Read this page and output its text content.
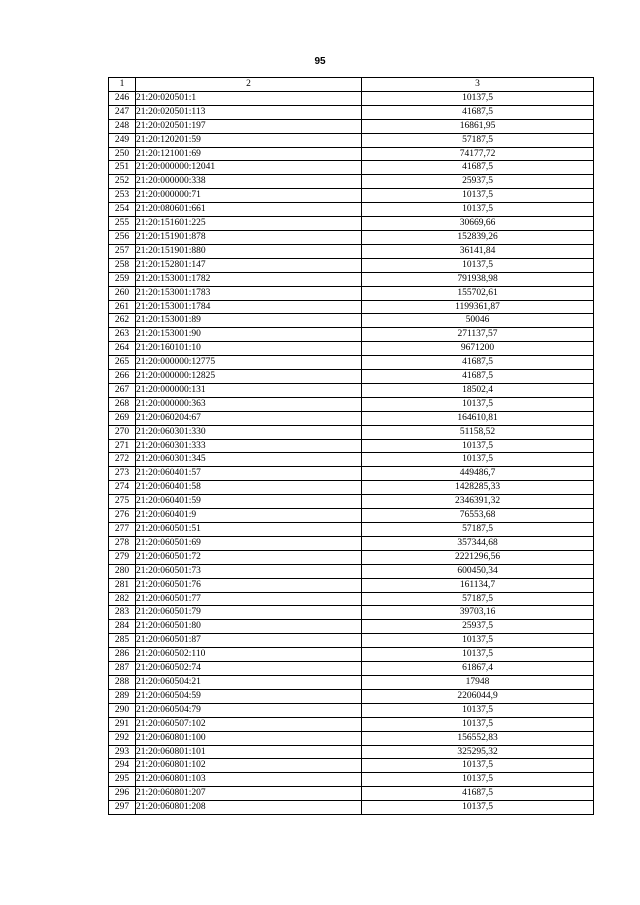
95
1	2	3
246	21:20:020501:1	10137,5
247	21:20:020501:113	41687,5
248	21:20:020501:197	16861,95
249	21:20:120201:59	57187,5
250	21:20:121001:69	74177,72
251	21:20:000000:12041	41687,5
252	21:20:000000:338	25937,5
253	21:20:000000:71	10137,5
254	21:20:080601:661	10137,5
255	21:20:151601:225	30669,66
256	21:20:151901:878	152839,26
257	21:20:151901:880	36141,84
258	21:20:152801:147	10137,5
259	21:20:153001:1782	791938,98
260	21:20:153001:1783	155702,61
261	21:20:153001:1784	1199361,87
262	21:20:153001:89	50046
263	21:20:153001:90	271137,57
264	21:20:160101:10	9671200
265	21:20:000000:12775	41687,5
266	21:20:000000:12825	41687,5
267	21:20:000000:131	18502,4
268	21:20:000000:363	10137,5
269	21:20:060204:67	164610,81
270	21:20:060301:330	51158,52
271	21:20:060301:333	10137,5
272	21:20:060301:345	10137,5
273	21:20:060401:57	449486,7
274	21:20:060401:58	1428285,33
275	21:20:060401:59	2346391,32
276	21:20:060401:9	76553,68
277	21:20:060501:51	57187,5
278	21:20:060501:69	357344,68
279	21:20:060501:72	2221296,56
280	21:20:060501:73	600450,34
281	21:20:060501:76	161134,7
282	21:20:060501:77	57187,5
283	21:20:060501:79	39703,16
284	21:20:060501:80	25937,5
285	21:20:060501:87	10137,5
286	21:20:060502:110	10137,5
287	21:20:060502:74	61867,4
288	21:20:060504:21	17948
289	21:20:060504:59	2206044,9
290	21:20:060504:79	10137,5
291	21:20:060507:102	10137,5
292	21:20:060801:100	156552,83
293	21:20:060801:101	325295,32
294	21:20:060801:102	10137,5
295	21:20:060801:103	10137,5
296	21:20:060801:207	41687,5
297	21:20:060801:208	10137,5
